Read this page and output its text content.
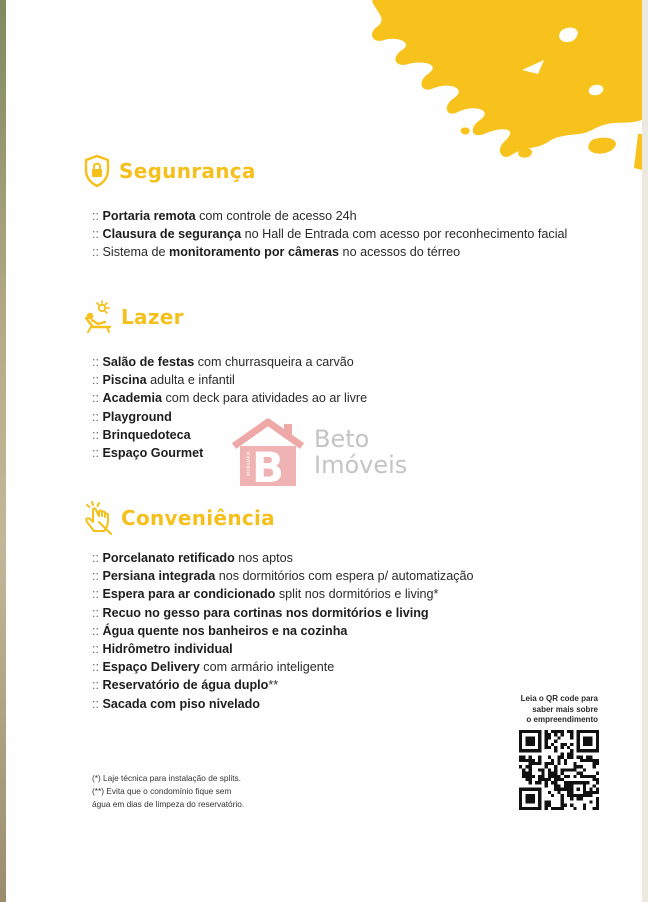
Segunrança
:: Portaria remota com controle de acesso 24h
:: Clausura de segurança no Hall de Entrada com acesso por reconhecimento facial
:: Sistema de monitoramento por câmeras no acessos do térreo
Lazer
:: Salão de festas com churrasqueira a carvão
:: Piscina adulta e infantil
:: Academia com deck para atividades ao ar livre
:: Playground
:: Brinquedoteca
:: Espaço Gourmet
Conveniência
:: Porcelanato retificado nos aptos
:: Persiana integrada nos dormitórios com espera p/ automatização
:: Espera para ar condicionado split nos dormitórios e living*
:: Recuo no gesso para cortinas nos dormitórios e living
:: Água quente nos banheiros e na cozinha
:: Hidrômetro individual
:: Espaço Delivery com armário inteligente
:: Reservatório de água duplo**
:: Sacada com piso nivelado
B
IMOBILIÁRIA
Beto
Imóveis
Leia o QR code para
saber mais sobre
o empreendimento
(*) Laje técnica para instalação de splits.
(**) Evita que o condomínio fique sem
água em dias de limpeza do reservatório.
